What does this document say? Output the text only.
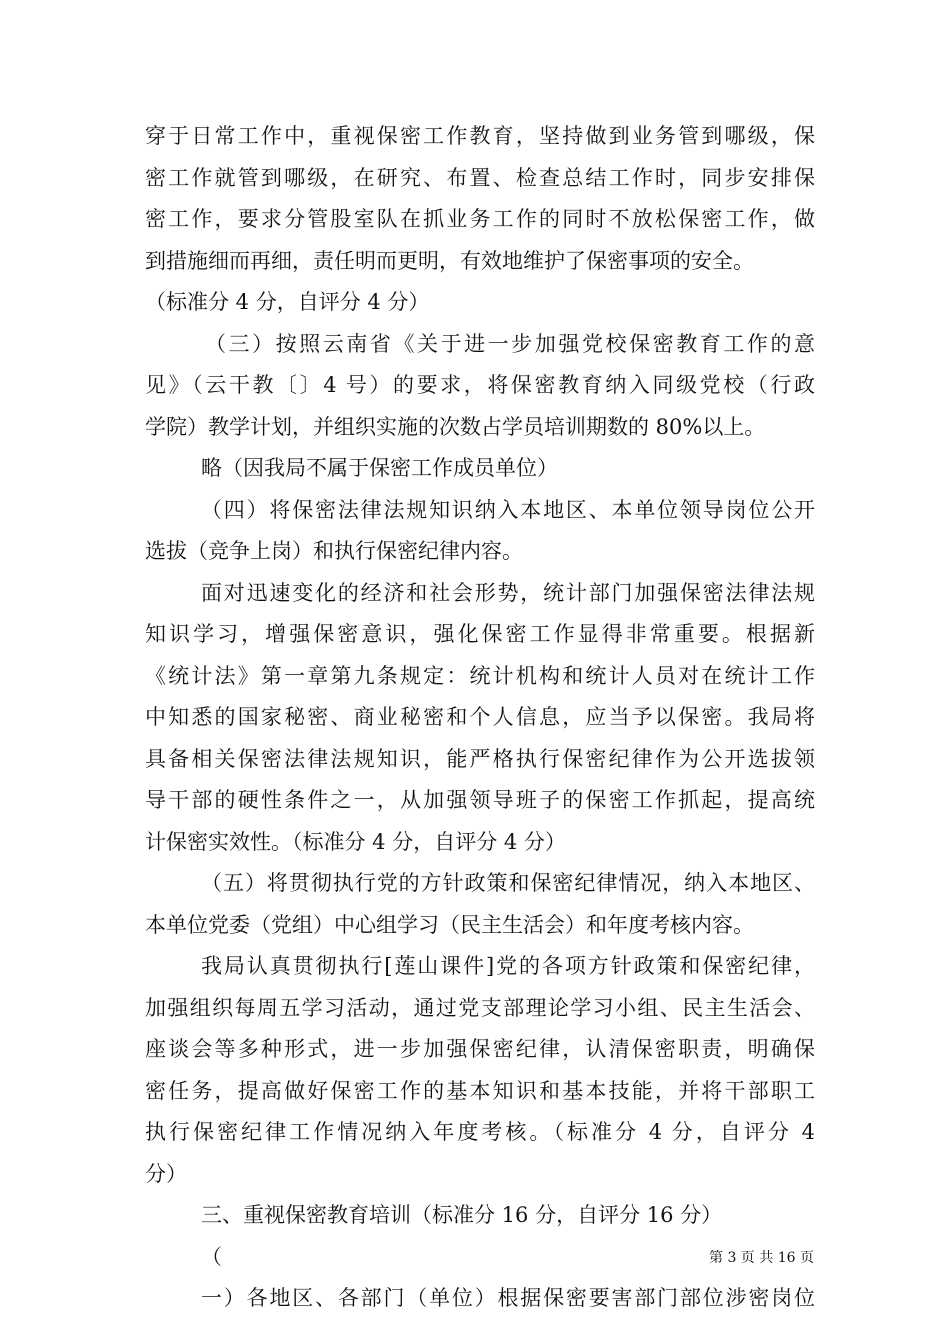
穿于日常工作中，重视保密工作教育，坚持做到业务管到哪级，保
密工作就管到哪级，在研究、布置、检查总结工作时，同步安排保
密工作，要求分管股室队在抓业务工作的同时不放松保密工作，做
到措施细而再细，责任明而更明，有效地维护了保密事项的安全。
（标准分 4 分，自评分 4 分）
（三）按照云南省《关于进一步加强党校保密教育工作的意
见》（云干教〔〕4 号）的要求，将保密教育纳入同级党校（行政
学院）教学计划，并组织实施的次数占学员培训期数的 80%以上。
略（因我局不属于保密工作成员单位）
（四）将保密法律法规知识纳入本地区、本单位领导岗位公开
选拔（竞争上岗）和执行保密纪律内容。
面对迅速变化的经济和社会形势，统计部门加强保密法律法规
知识学习，增强保密意识，强化保密工作显得非常重要。根据新
《统计法》第一章第九条规定：统计机构和统计人员对在统计工作
中知悉的国家秘密、商业秘密和个人信息，应当予以保密。我局将
具备相关保密法律法规知识，能严格执行保密纪律作为公开选拔领
导干部的硬性条件之一，从加强领导班子的保密工作抓起，提高统
计保密实效性。（标准分 4 分，自评分 4 分）
（五）将贯彻执行党的方针政策和保密纪律情况，纳入本地区、
本单位党委（党组）中心组学习（民主生活会）和年度考核内容。
我局认真贯彻执行[莲山课件]党的各项方针政策和保密纪律，
加强组织每周五学习活动，通过党支部理论学习小组、民主生活会、
座谈会等多种形式，进一步加强保密纪律，认清保密职责，明确保
密任务，提高做好保密工作的基本知识和基本技能，并将干部职工
执行保密纪律工作情况纳入年度考核。（标准分 4 分，自评分 4
分）
三、重视保密教育培训（标准分 16 分，自评分 16 分）
（
一）各地区、各部门（单位）根据保密要害部门部位涉密岗位
第 3 页 共 16 页
